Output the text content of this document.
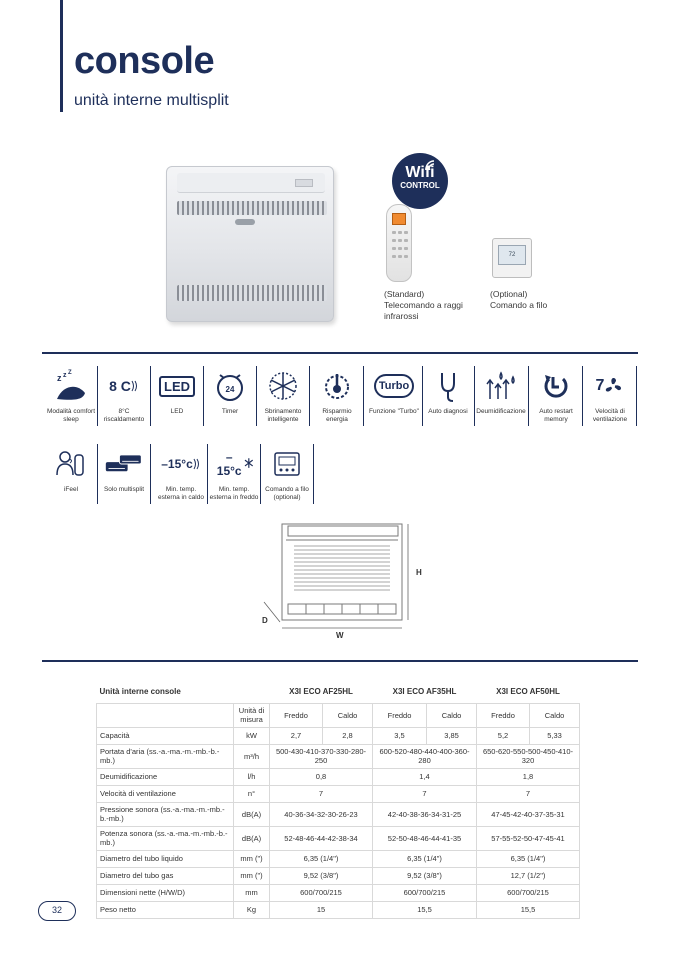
console
unità interne multisplit
Wifi
CONTROL
72
(Standard)
Telecomando a raggi infrarossi
(Optional)
Comando a filo
z z Z
Modalità comfort sleep
8 C
8°C riscaldamento
LED
LED
24
Timer	Sbrinamento intelligente
Risparmio energia
Turbo
Funzione "Turbo"	Auto diagnosi	Deumidificazione	Auto restart memory
7
Velocità di ventilazione
iFeel	Solo multisplit
–15°c
Min. temp. esterna in caldo
–15°c
Min. temp. esterna in freddo
Comando a filo (optional)
H
D
W
Unità interne console		X3I ECO AF25HL		X3I ECO AF35HL		X3I ECO AF50HL	
	Unità di misura	Freddo	Caldo	Freddo	Caldo	Freddo	Caldo
Capacità	kW	2,7	2,8	3,5	3,85	5,2	5,33
Portata d'aria (ss.-a.-ma.-m.-mb.-b.-mb.)	m³/h	500-430-410-370-330-280-250		600-520-480-440-400-360-280		650-620-550-500-450-410-320	
Deumidificazione	l/h	0,8		1,4		1,8	
Velocità di ventilazione	n°	7		7		7	
Pressione sonora (ss.-a.-ma.-m.-mb.-b.-mb.)	dB(A)	40-36-34-32-30-26-23		42-40-38-36-34-31-25		47-45-42-40-37-35-31	
Potenza sonora (ss.-a.-ma.-m.-mb.-b.-mb.)	dB(A)	52-48-46-44-42-38-34		52-50-48-46-44-41-35		57-55-52-50-47-45-41	
Diametro del tubo liquido	mm (")	6,35 (1/4")		6,35 (1/4")		6,35 (1/4")	
Diametro del tubo gas	mm (")	9,52 (3/8")		9,52 (3/8")		12,7 (1/2")	
Dimensioni nette (H/W/D)	mm	600/700/215		600/700/215		600/700/215	
Peso netto	Kg	15		15,5		15,5	
32
